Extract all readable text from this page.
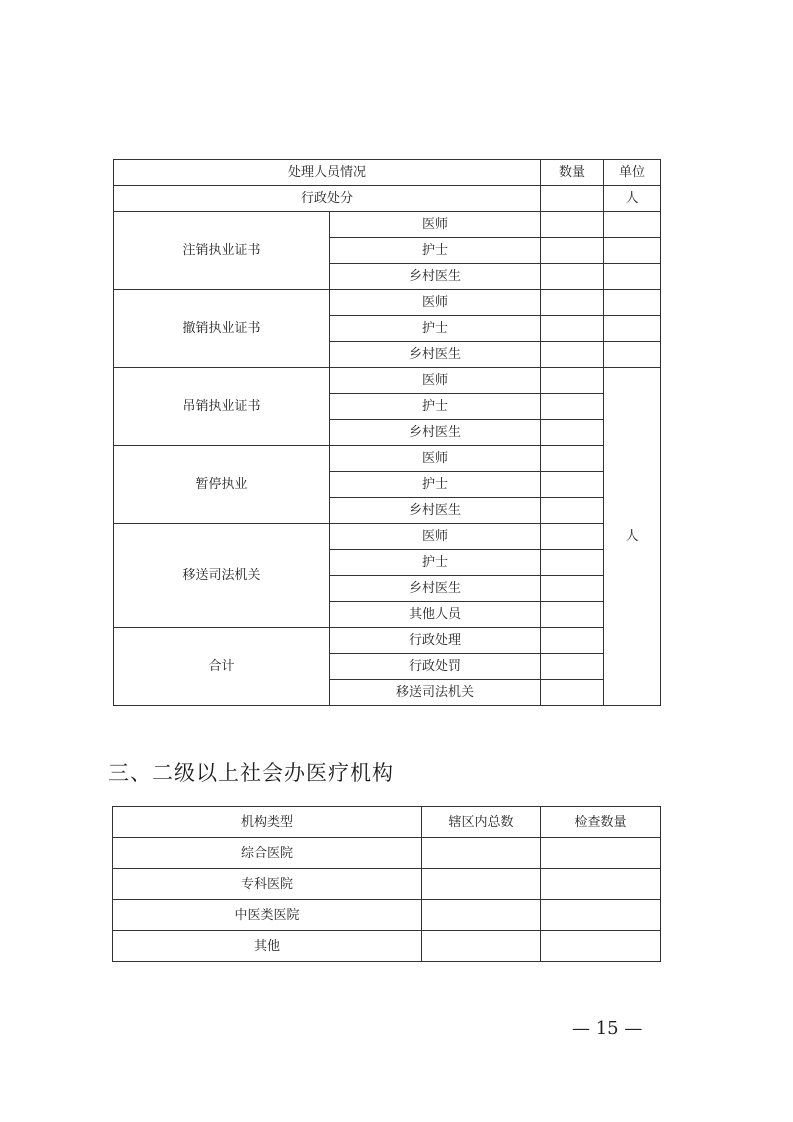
处理人员情况		数量	单位
行政处分			人
注销执业证书	医师		
	护士		
	乡村医生		
撤销执业证书	医师		
	护士		
	乡村医生		
吊销执业证书	医师		人
	护士		
	乡村医生		
暂停执业	医师		
	护士		
	乡村医生		
移送司法机关	医师		
	护士		
	乡村医生		
	其他人员		
合计	行政处理		
	行政处罚		
	移送司法机关		
三、二级以上社会办医疗机构
机构类型	辖区内总数	检查数量
综合医院		
专科医院		
中医类医院		
其他		
— 15 —
